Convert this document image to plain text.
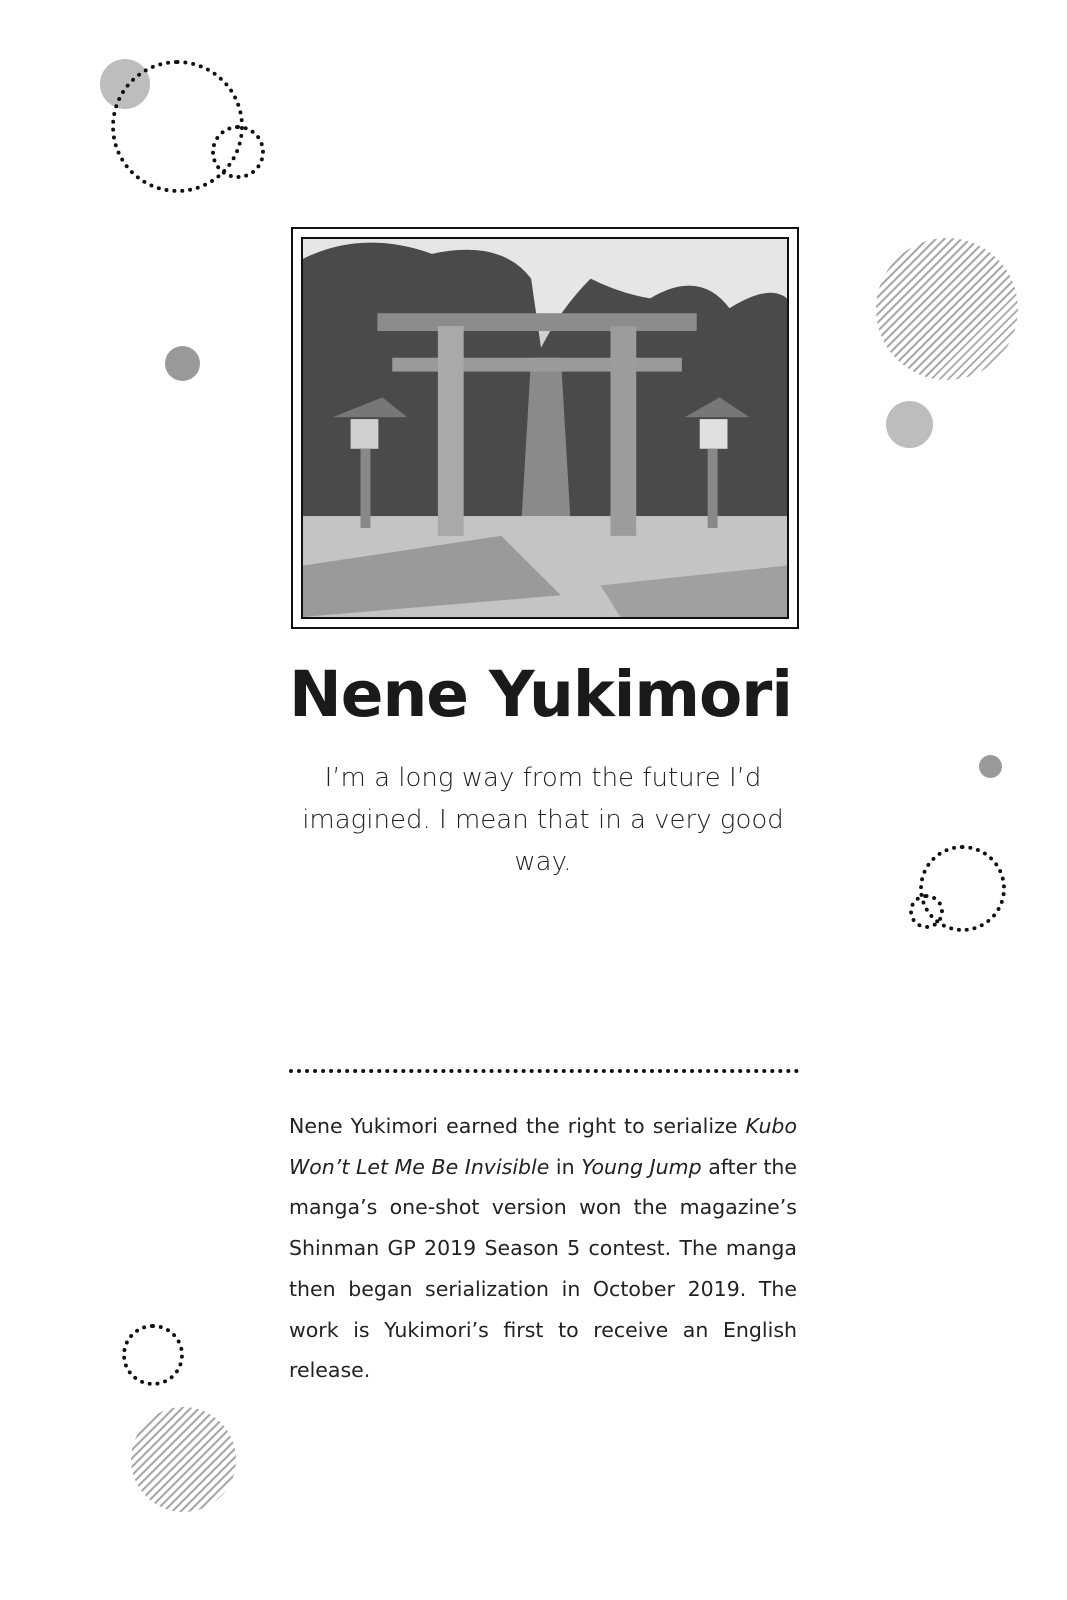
Nene Yukimori
I’m a long way from the future I’d
imagined. I mean that in a very good way.
Nene Yukimori earned the right to serialize Kubo Won’t Let Me Be Invisible in Young Jump after the manga’s one-shot version won the magazine’s Shinman GP 2019 Season 5 contest. The manga then began serialization in October 2019. The work is Yukimori’s first to receive an English release.
